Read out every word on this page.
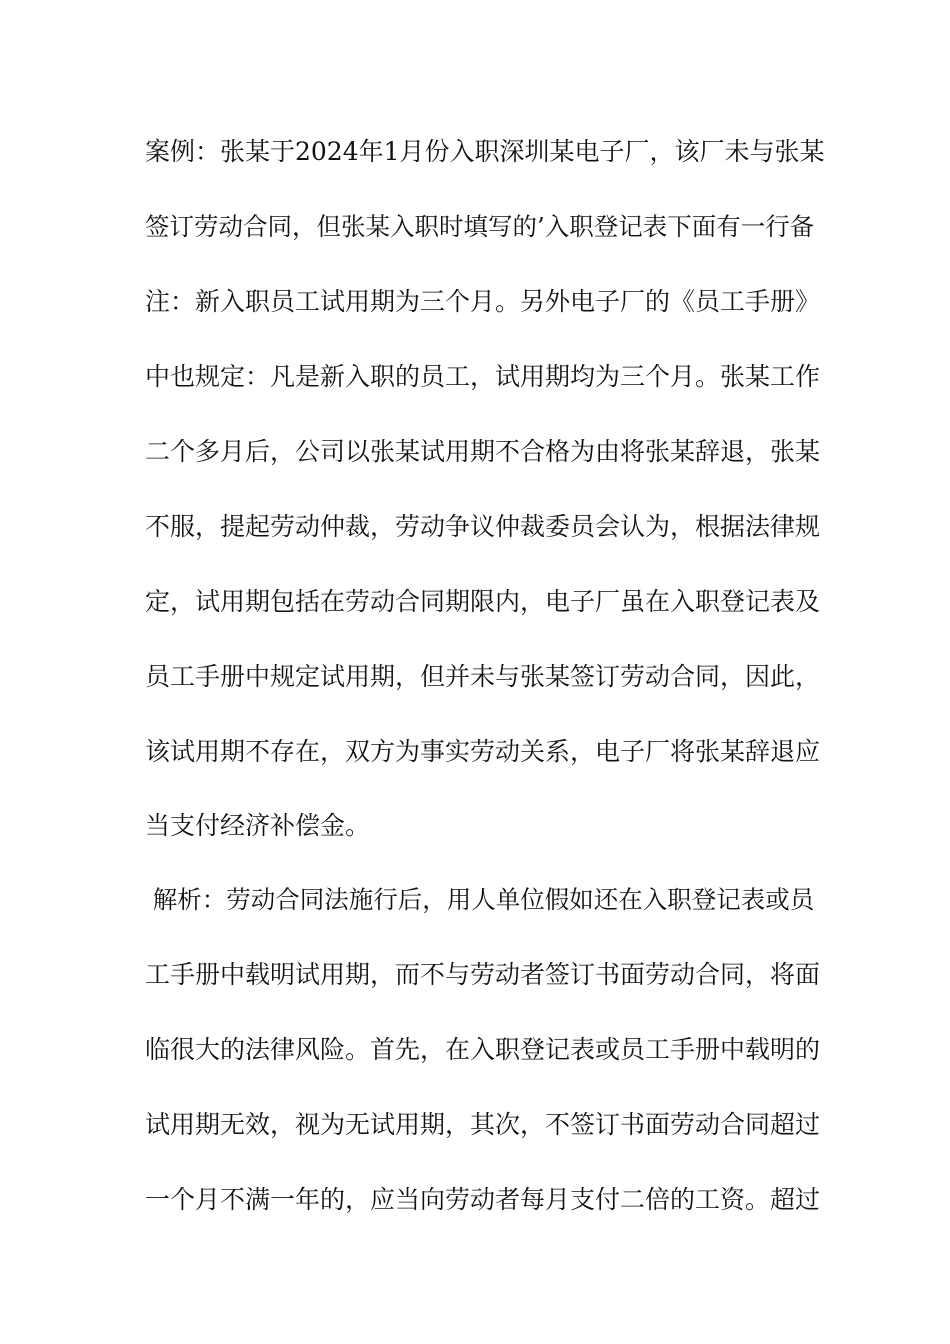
案例：张某于2024年1月份入职深圳某电子厂，该厂未与张某
签订劳动合同，但张某入职时填写的’入职登记表下面有一行备
注：新入职员工试用期为三个月。另外电子厂的《员工手册》
中也规定：凡是新入职的员工，试用期均为三个月。张某工作
二个多月后，公司以张某试用期不合格为由将张某辞退，张某
不服，提起劳动仲裁，劳动争议仲裁委员会认为，根据法律规
定，试用期包括在劳动合同期限内，电子厂虽在入职登记表及
员工手册中规定试用期，但并未与张某签订劳动合同，因此，
该试用期不存在，双方为事实劳动关系，电子厂将张某辞退应
当支付经济补偿金。
解析：劳动合同法施行后，用人单位假如还在入职登记表或员
工手册中载明试用期，而不与劳动者签订书面劳动合同，将面
临很大的法律风险。首先，在入职登记表或员工手册中载明的
试用期无效，视为无试用期，其次，不签订书面劳动合同超过
一个月不满一年的，应当向劳动者每月支付二倍的工资。超过
